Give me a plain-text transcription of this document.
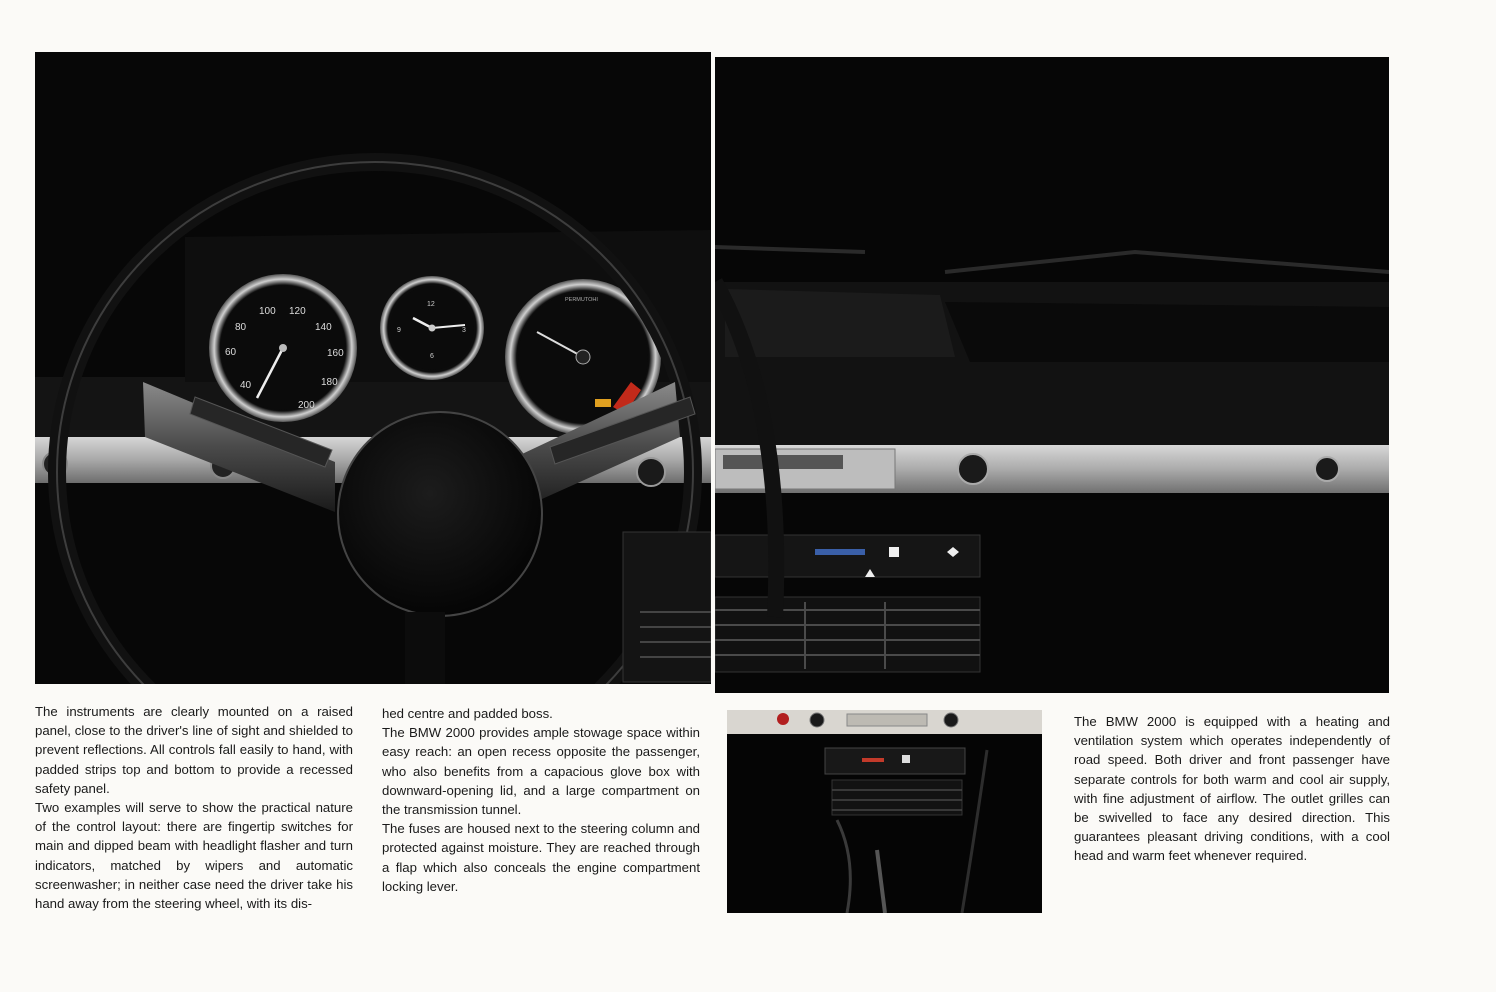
40
60
80
100 120
140
160
180
200
12
3
6
9
PERMUTOHI

The instruments are clearly mounted on a raised panel, close to the driver's line of sight and shielded to prevent reflections. All controls fall easily to hand, with padded strips top and bottom to provide a recessed safety panel.

Two examples will serve to show the practical nature of the control layout: there are fingertip switches for main and dipped beam with headlight flasher and turn indicators, matched by wipers and automatic screenwasher; in neither case need the driver take his hand away from the steering wheel, with its dis-

hed centre and padded boss.

The BMW 2000 provides ample stowage space within easy reach: an open recess opposite the passenger, who also benefits from a capacious glove box with downward-opening lid, and a large compartment on the transmission tunnel.

The fuses are housed next to the steering column and protected against moisture. They are reached through a flap which also conceals the engine compartment locking lever.

The BMW 2000 is equipped with a heating and ventilation system which operates independently of road speed. Both driver and front passenger have separate controls for both warm and cool air supply, with fine adjustment of airflow. The outlet grilles can be swivelled to face any desired direction. This guarantees pleasant driving conditions, with a cool head and warm feet whenever required.
